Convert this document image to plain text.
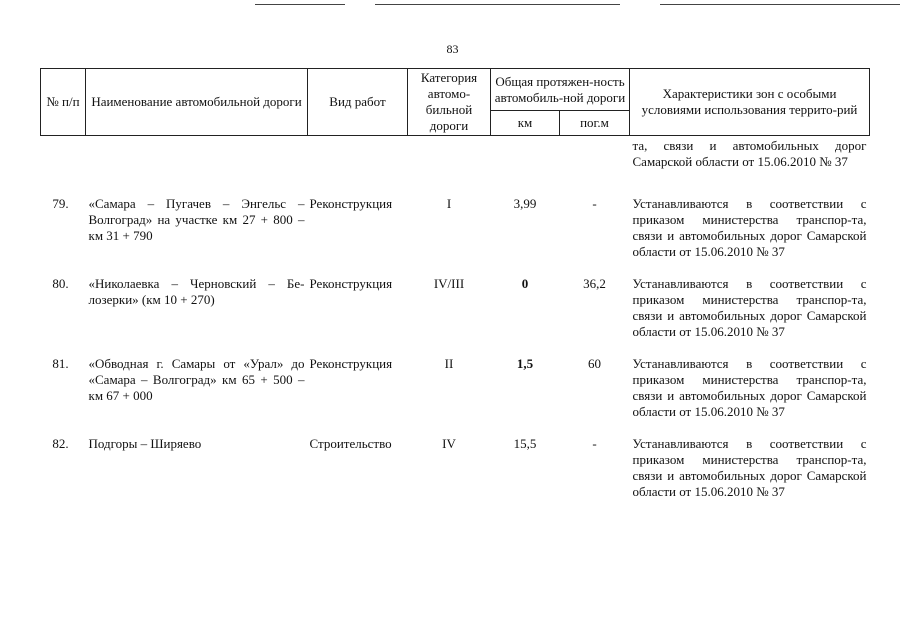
83
№ п/п	Наименование автомобильной дороги	Вид работ	Категория автомо-бильной дороги	Общая протяжен-ность автомобиль-ной дороги		Характеристики зон с особыми условиями использования террито-рий
				км	пог.м	
						та, связи и автомобильных дорог Самарской области от 15.06.2010 № 37
79.	«Самара – Пугачев – Энгельс – Волгоград» на участке км 27 + 800 – км 31 + 790	Реконструкция	I	3,99	-	Устанавливаются в соответствии с приказом министерства транспор-та, связи и автомобильных дорог Самарской области от 15.06.2010 № 37
80.	«Николаевка – Черновский – Бе-лозерки» (км 10 + 270)	Реконструкция	IV/III	0	36,2	Устанавливаются в соответствии с приказом министерства транспор-та, связи и автомобильных дорог Самарской области от 15.06.2010 № 37
81.	«Обводная г. Самары от «Урал» до «Самара – Волгоград» км 65 + 500 – км 67 + 000	Реконструкция	II	1,5	60	Устанавливаются в соответствии с приказом министерства транспор-та, связи и автомобильных дорог Самарской области от 15.06.2010 № 37
82.	Подгоры – Ширяево	Строительство	IV	15,5	-	Устанавливаются в соответствии с приказом министерства транспор-та, связи и автомобильных дорог Самарской области от 15.06.2010 № 37
